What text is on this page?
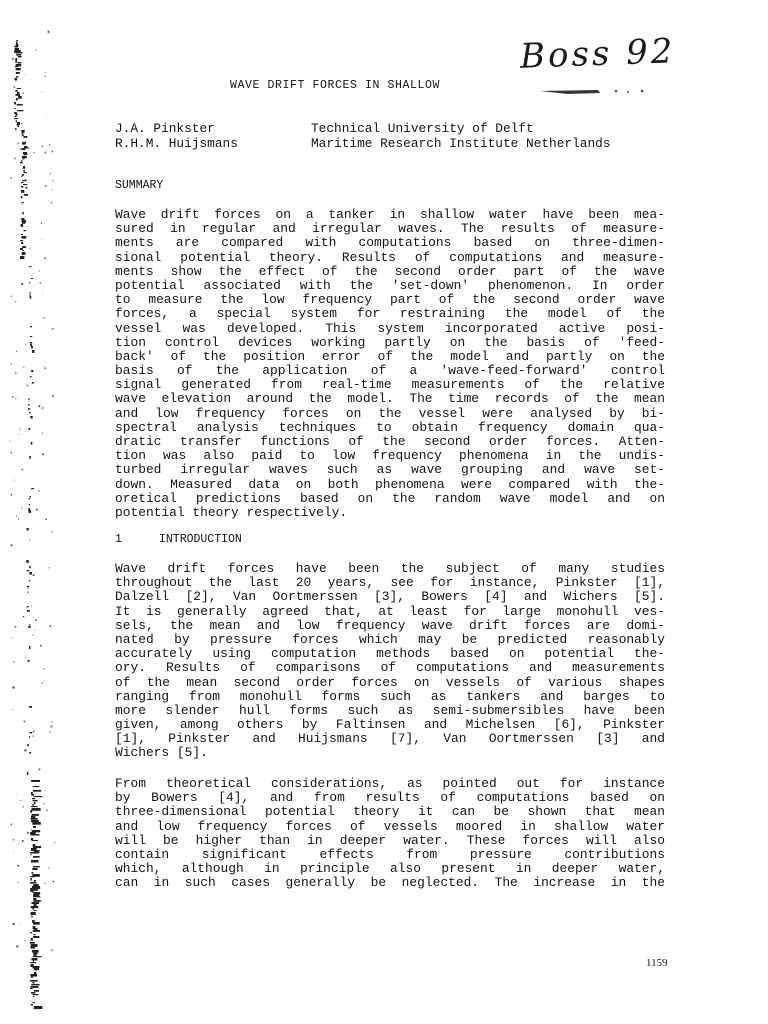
Boss 92
WAVE DRIFT FORCES IN SHALLOW
J.A. Pinkster	Technical University of Delft
R.H.M. Huijsmans	Maritime Research Institute Netherlands
SUMMARY
Wave drift forces on a tanker in shallow water have been mea-
sured in regular and irregular waves. The results of measure-
ments are compared with computations based on three-dimen-
sional potential theory. Results of computations and measure-
ments show the effect of the second order part of the wave
potential associated with the 'set-down' phenomenon. In order
to measure the low frequency part of the second order wave
forces, a special system for restraining the model of the
vessel was developed. This system incorporated active posi-
tion control devices working partly on the basis of 'feed-
back' of the position error of the model and partly on the
basis of the application of a 'wave-feed-forward' control
signal generated from real-time measurements of the relative
wave elevation around the model. The time records of the mean
and low frequency forces on the vessel were analysed by bi-
spectral analysis techniques to obtain frequency domain qua-
dratic transfer functions of the second order forces. Atten-
tion was also paid to low frequency phenomena in the undis-
turbed irregular waves such as wave grouping and wave set-
down. Measured data on both phenomena were compared with the-
oretical predictions based on the random wave model and on
potential theory respectively.
1	INTRODUCTION
Wave drift forces have been the subject of many studies
throughout the last 20 years, see for instance, Pinkster [1],
Dalzell [2], Van Oortmerssen [3], Bowers [4] and Wichers [5].
It is generally agreed that, at least for large monohull ves-
sels, the mean and low frequency wave drift forces are domi-
nated by pressure forces which may be predicted reasonably
accurately using computation methods based on potential the-
ory. Results of comparisons of computations and measurements
of the mean second order forces on vessels of various shapes
ranging from monohull forms such as tankers and barges to
more slender hull forms such as semi-submersibles have been
given, among others by Faltinsen and Michelsen [6], Pinkster
[1], Pinkster and Huijsmans [7], Van Oortmerssen [3] and
Wichers [5].
From theoretical considerations, as pointed out for instance
by Bowers [4], and from results of computations based on
three-dimensional potential theory it can be shown that mean
and low frequency forces of vessels moored in shallow water
will be higher than in deeper water. These forces will also
contain significant effects from pressure contributions
which, although in principle also present in deeper water,
can in such cases generally be neglected. The increase in the
1159
